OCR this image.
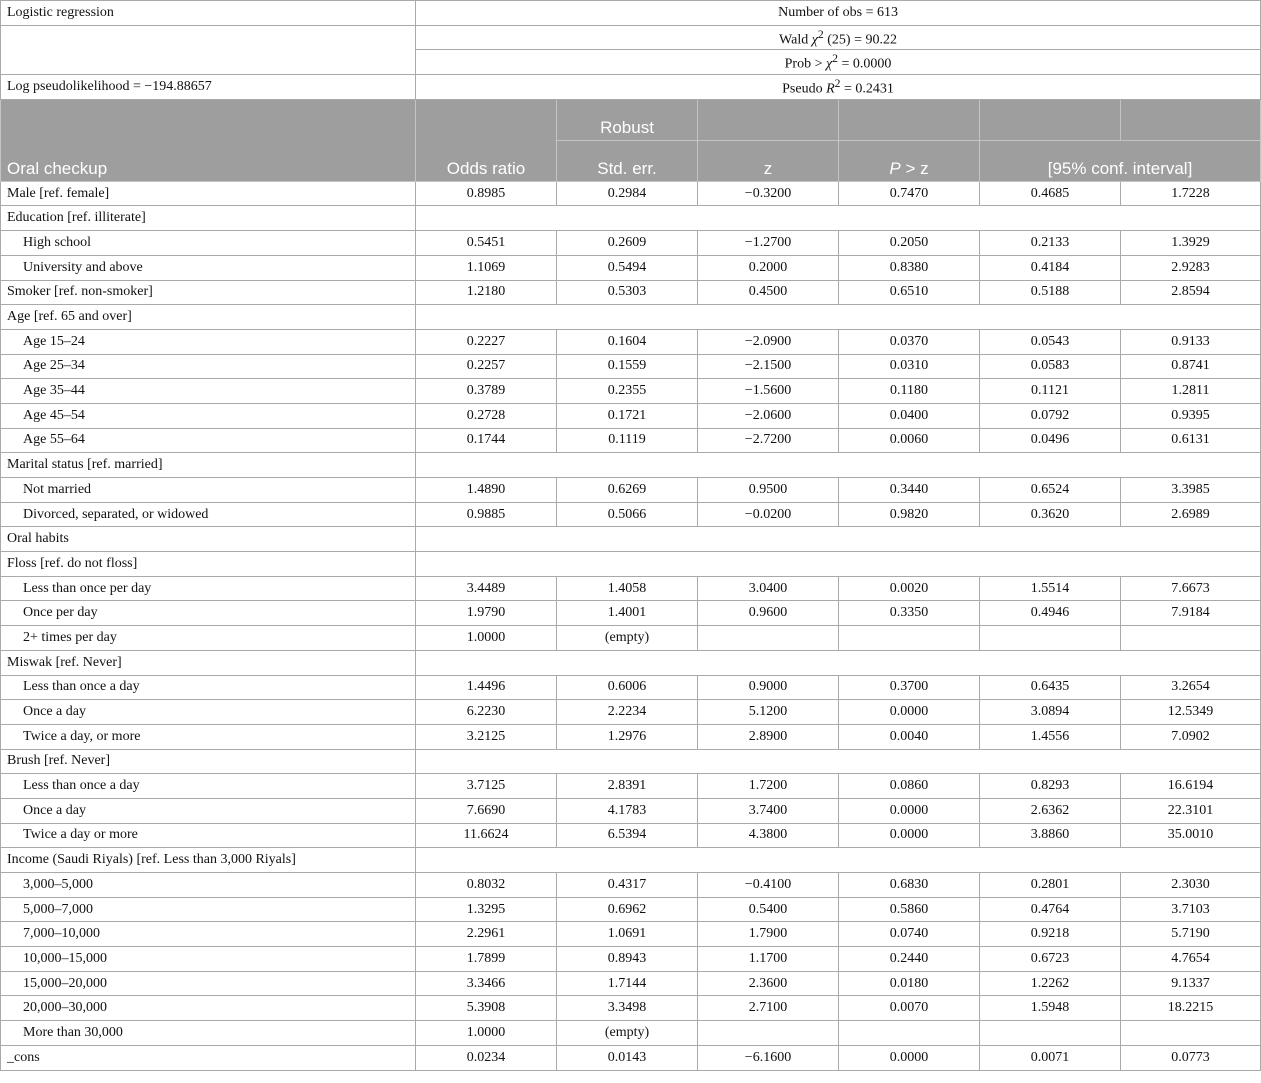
Logistic regression	Number of obs = 613					
	Wald $\chi^2$ (25) = 90.22					
	Prob > $\chi^2 = 0.0000$					
Log pseudolikelihood = −194.88657	Pseudo $R^2 = 0.2431$					
Oral checkup	Odds ratio	Robust				
		Std. err.	z	P > z	[95% conf. interval]	
Male [ref. female]	0.8985	0.2984	−0.3200	0.7470	0.4685	1.7228
Education [ref. illiterate]						
High school	0.5451	0.2609	−1.2700	0.2050	0.2133	1.3929
University and above	1.1069	0.5494	0.2000	0.8380	0.4184	2.9283
Smoker [ref. non-smoker]	1.2180	0.5303	0.4500	0.6510	0.5188	2.8594
Age [ref. 65 and over]						
Age 15–24	0.2227	0.1604	−2.0900	0.0370	0.0543	0.9133
Age 25–34	0.2257	0.1559	−2.1500	0.0310	0.0583	0.8741
Age 35–44	0.3789	0.2355	−1.5600	0.1180	0.1121	1.2811
Age 45–54	0.2728	0.1721	−2.0600	0.0400	0.0792	0.9395
Age 55–64	0.1744	0.1119	−2.7200	0.0060	0.0496	0.6131
Marital status [ref. married]						
Not married	1.4890	0.6269	0.9500	0.3440	0.6524	3.3985
Divorced, separated, or widowed	0.9885	0.5066	−0.0200	0.9820	0.3620	2.6989
Oral habits						
Floss [ref. do not floss]						
Less than once per day	3.4489	1.4058	3.0400	0.0020	1.5514	7.6673
Once per day	1.9790	1.4001	0.9600	0.3350	0.4946	7.9184
2+ times per day	1.0000	(empty)				
Miswak [ref. Never]						
Less than once a day	1.4496	0.6006	0.9000	0.3700	0.6435	3.2654
Once a day	6.2230	2.2234	5.1200	0.0000	3.0894	12.5349
Twice a day, or more	3.2125	1.2976	2.8900	0.0040	1.4556	7.0902
Brush [ref. Never]						
Less than once a day	3.7125	2.8391	1.7200	0.0860	0.8293	16.6194
Once a day	7.6690	4.1783	3.7400	0.0000	2.6362	22.3101
Twice a day or more	11.6624	6.5394	4.3800	0.0000	3.8860	35.0010
Income (Saudi Riyals) [ref. Less than 3,000 Riyals]						
3,000–5,000	0.8032	0.4317	−0.4100	0.6830	0.2801	2.3030
5,000–7,000	1.3295	0.6962	0.5400	0.5860	0.4764	3.7103
7,000–10,000	2.2961	1.0691	1.7900	0.0740	0.9218	5.7190
10,000–15,000	1.7899	0.8943	1.1700	0.2440	0.6723	4.7654
15,000–20,000	3.3466	1.7144	2.3600	0.0180	1.2262	9.1337
20,000–30,000	5.3908	3.3498	2.7100	0.0070	1.5948	18.2215
More than 30,000	1.0000	(empty)				
_cons	0.0234	0.0143	−6.1600	0.0000	0.0071	0.0773
